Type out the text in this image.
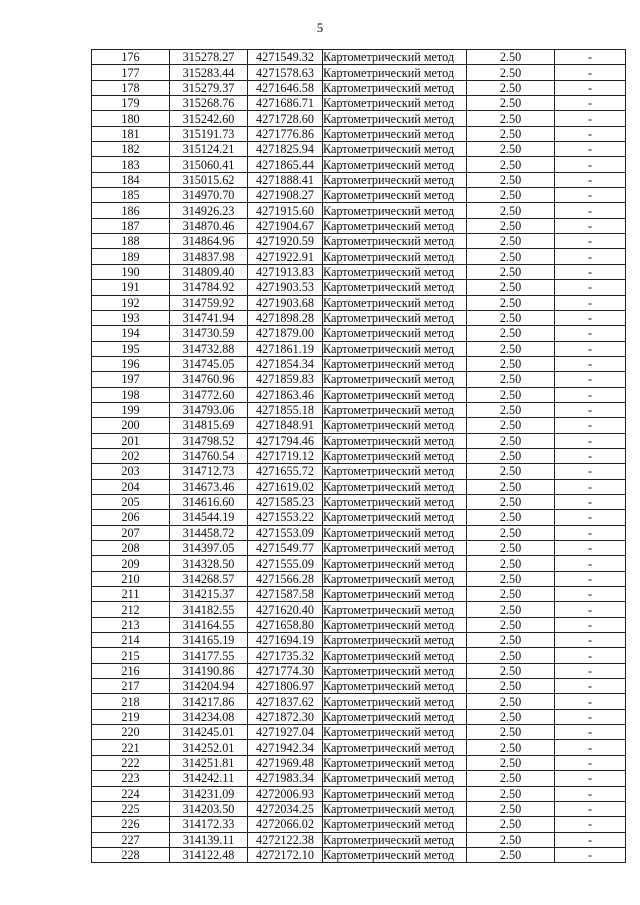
5
176	315278.27	4271549.32	Картометрический метод	2.50	-
177	315283.44	4271578.63	Картометрический метод	2.50	-
178	315279.37	4271646.58	Картометрический метод	2.50	-
179	315268.76	4271686.71	Картометрический метод	2.50	-
180	315242.60	4271728.60	Картометрический метод	2.50	-
181	315191.73	4271776.86	Картометрический метод	2.50	-
182	315124.21	4271825.94	Картометрический метод	2.50	-
183	315060.41	4271865.44	Картометрический метод	2.50	-
184	315015.62	4271888.41	Картометрический метод	2.50	-
185	314970.70	4271908.27	Картометрический метод	2.50	-
186	314926.23	4271915.60	Картометрический метод	2.50	-
187	314870.46	4271904.67	Картометрический метод	2.50	-
188	314864.96	4271920.59	Картометрический метод	2.50	-
189	314837.98	4271922.91	Картометрический метод	2.50	-
190	314809.40	4271913.83	Картометрический метод	2.50	-
191	314784.92	4271903.53	Картометрический метод	2.50	-
192	314759.92	4271903.68	Картометрический метод	2.50	-
193	314741.94	4271898.28	Картометрический метод	2.50	-
194	314730.59	4271879.00	Картометрический метод	2.50	-
195	314732.88	4271861.19	Картометрический метод	2.50	-
196	314745.05	4271854.34	Картометрический метод	2.50	-
197	314760.96	4271859.83	Картометрический метод	2.50	-
198	314772.60	4271863.46	Картометрический метод	2.50	-
199	314793.06	4271855.18	Картометрический метод	2.50	-
200	314815.69	4271848.91	Картометрический метод	2.50	-
201	314798.52	4271794.46	Картометрический метод	2.50	-
202	314760.54	4271719.12	Картометрический метод	2.50	-
203	314712.73	4271655.72	Картометрический метод	2.50	-
204	314673.46	4271619.02	Картометрический метод	2.50	-
205	314616.60	4271585.23	Картометрический метод	2.50	-
206	314544.19	4271553.22	Картометрический метод	2.50	-
207	314458.72	4271553.09	Картометрический метод	2.50	-
208	314397.05	4271549.77	Картометрический метод	2.50	-
209	314328.50	4271555.09	Картометрический метод	2.50	-
210	314268.57	4271566.28	Картометрический метод	2.50	-
211	314215.37	4271587.58	Картометрический метод	2.50	-
212	314182.55	4271620.40	Картометрический метод	2.50	-
213	314164.55	4271658.80	Картометрический метод	2.50	-
214	314165.19	4271694.19	Картометрический метод	2.50	-
215	314177.55	4271735.32	Картометрический метод	2.50	-
216	314190.86	4271774.30	Картометрический метод	2.50	-
217	314204.94	4271806.97	Картометрический метод	2.50	-
218	314217.86	4271837.62	Картометрический метод	2.50	-
219	314234.08	4271872.30	Картометрический метод	2.50	-
220	314245.01	4271927.04	Картометрический метод	2.50	-
221	314252.01	4271942.34	Картометрический метод	2.50	-
222	314251.81	4271969.48	Картометрический метод	2.50	-
223	314242.11	4271983.34	Картометрический метод	2.50	-
224	314231.09	4272006.93	Картометрический метод	2.50	-
225	314203.50	4272034.25	Картометрический метод	2.50	-
226	314172.33	4272066.02	Картометрический метод	2.50	-
227	314139.11	4272122.38	Картометрический метод	2.50	-
228	314122.48	4272172.10	Картометрический метод	2.50	-
